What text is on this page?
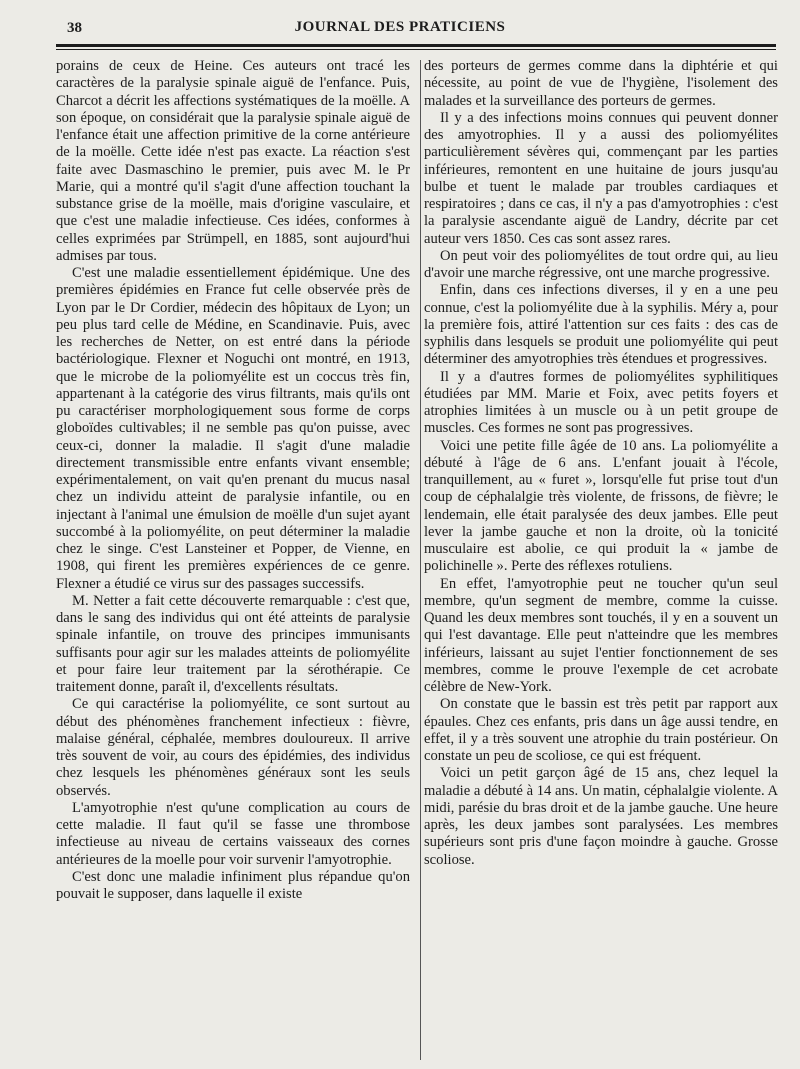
38	JOURNAL DES PRATICIENS

porains de ceux de Heine. Ces auteurs ont tracé les caractères de la paralysie spinale aiguë de l'enfance. Puis, Charcot a décrit les affections systématiques de la moëlle. A son époque, on considérait que la paralysie spinale aiguë de l'enfance était une affection primitive de la corne antérieure de la moëlle. Cette idée n'est pas exacte. La réaction s'est faite avec Dasmaschino le premier, puis avec M. le Pr Marie, qui a montré qu'il s'agit d'une affection touchant la substance grise de la moëlle, mais d'origine vasculaire, et que c'est une maladie infectieuse. Ces idées, conformes à celles exprimées par Strümpell, en 1885, sont aujourd'hui admises par tous.

C'est une maladie essentiellement épidémique. Une des premières épidémies en France fut celle observée près de Lyon par le Dr Cordier, médecin des hôpitaux de Lyon; un peu plus tard celle de Médine, en Scandinavie. Puis, avec les recherches de Netter, on est entré dans la période bactériologique. Flexner et Noguchi ont montré, en 1913, que le microbe de la poliomyélite est un coccus très fin, appartenant à la catégorie des virus filtrants, mais qu'ils ont pu caractériser morphologiquement sous forme de corps globoïdes cultivables; il ne semble pas qu'on puisse, avec ceux-ci, donner la maladie. Il s'agit d'une maladie directement transmissible entre enfants vivant ensemble; expérimentalement, on vait qu'en prenant du mucus nasal chez un individu atteint de paralysie infantile, ou en injectant à l'animal une émulsion de moëlle d'un sujet ayant succombé à la poliomyélite, on peut déterminer la maladie chez le singe. C'est Lansteiner et Popper, de Vienne, en 1908, qui firent les premières expériences de ce genre. Flexner a étudié ce virus sur des passages successifs.

M. Netter a fait cette découverte remarquable : c'est que, dans le sang des individus qui ont été atteints de paralysie spinale infantile, on trouve des principes immunisants suffisants pour agir sur les malades atteints de poliomyélite et pour faire leur traitement par la sérothérapie. Ce traitement donne, paraît il, d'excellents résultats.

Ce qui caractérise la poliomyélite, ce sont surtout au début des phénomènes franchement infectieux : fièvre, malaise général, céphalée, membres douloureux. Il arrive très souvent de voir, au cours des épidémies, des individus chez lesquels les phénomènes généraux sont les seuls observés.

L'amyotrophie n'est qu'une complication au cours de cette maladie. Il faut qu'il se fasse une thrombose infectieuse au niveau de certains vaisseaux des cornes antérieures de la moelle pour voir survenir l'amyotrophie.

C'est donc une maladie infiniment plus répandue qu'on pouvait le supposer, dans laquelle il existe

des porteurs de germes comme dans la diphtérie et qui nécessite, au point de vue de l'hygiène, l'isolement des malades et la surveillance des porteurs de germes.

Il y a des infections moins connues qui peuvent donner des amyotrophies. Il y a aussi des poliomyélites particulièrement sévères qui, commençant par les parties inférieures, remontent en une huitaine de jours jusqu'au bulbe et tuent le malade par troubles cardiaques et respiratoires ; dans ce cas, il n'y a pas d'amyotrophies : c'est la paralysie ascendante aiguë de Landry, décrite par cet auteur vers 1850. Ces cas sont assez rares.

On peut voir des poliomyélites de tout ordre qui, au lieu d'avoir une marche régressive, ont une marche progressive.

Enfin, dans ces infections diverses, il y en a une peu connue, c'est la poliomyélite due à la syphilis. Méry a, pour la première fois, attiré l'attention sur ces faits : des cas de syphilis dans lesquels se produit une poliomyélite qui peut déterminer des amyotrophies très étendues et progressives.

Il y a d'autres formes de poliomyélites syphilitiques étudiées par MM. Marie et Foix, avec petits foyers et atrophies limitées à un muscle ou à un petit groupe de muscles. Ces formes ne sont pas progressives.

Voici une petite fille âgée de 10 ans. La poliomyélite a débuté à l'âge de 6 ans. L'enfant jouait à l'école, tranquillement, au « furet », lorsqu'elle fut prise tout d'un coup de céphalalgie très violente, de frissons, de fièvre; le lendemain, elle était paralysée des deux jambes. Elle peut lever la jambe gauche et non la droite, où la tonicité musculaire est abolie, ce qui produit la « jambe de polichinelle ». Perte des réflexes rotuliens.

En effet, l'amyotrophie peut ne toucher qu'un seul membre, qu'un segment de membre, comme la cuisse. Quand les deux membres sont touchés, il y en a souvent un qui l'est davantage. Elle peut n'atteindre que les membres inférieurs, laissant au sujet l'entier fonctionnement de ses membres, comme le prouve l'exemple de cet acrobate célèbre de New-York.

On constate que le bassin est très petit par rapport aux épaules. Chez ces enfants, pris dans un âge aussi tendre, en effet, il y a très souvent une atrophie du train postérieur. On constate un peu de scoliose, ce qui est fréquent.

Voici un petit garçon âgé de 15 ans, chez lequel la maladie a débuté à 14 ans. Un matin, céphalalgie violente. A midi, parésie du bras droit et de la jambe gauche. Une heure après, les deux jambes sont paralysées. Les membres supérieurs sont pris d'une façon moindre à gauche. Grosse scoliose.
